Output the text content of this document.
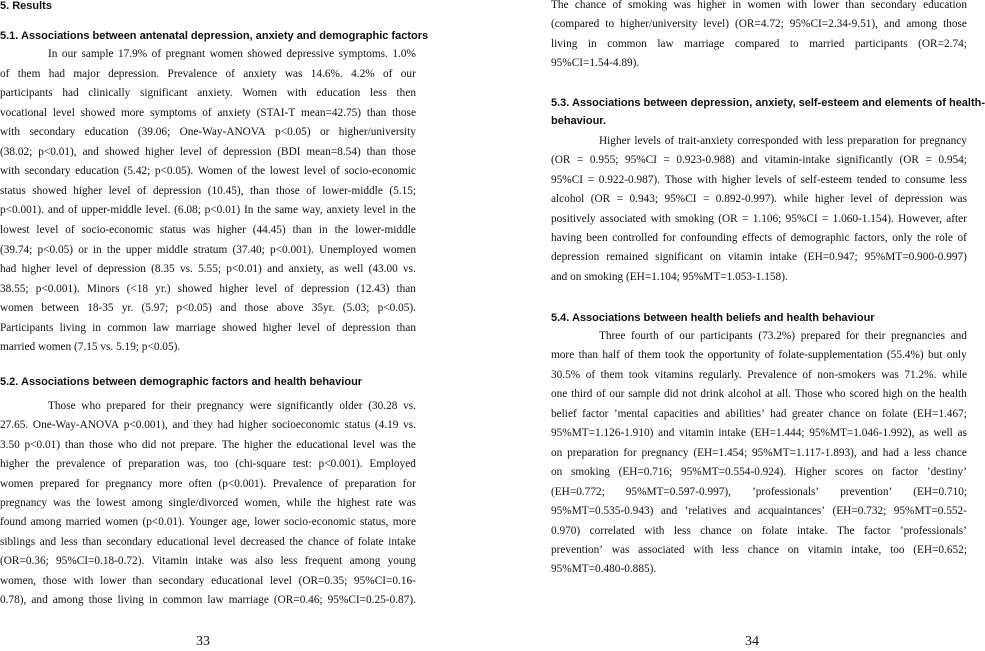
5. Results
5.1. Associations between antenatal depression, anxiety and demographic factors
In our sample 17.9% of pregnant women showed depressive symptoms. 1.0%
of them had major depression. Prevalence of anxiety was 14.6%. 4.2% of our
participants had clinically significant anxiety. Women with education less then
vocational level showed more symptoms of anxiety (STAI-T mean=42.75) than those
with secondary education (39.06; One-Way-ANOVA p<0.05) or higher/university
(38.02; p<0.01), and showed higher level of depression (BDI mean=8.54) than those
with secondary education (5.42; p<0.05). Women of the lowest level of socio-economic
status showed higher level of depression (10.45), than those of lower-middle (5.15;
p<0.001). and of upper-middle level. (6.08; p<0.01) In the same way, anxiety level in the
lowest level of socio-economic status was higher (44.45) than in the lower-middle
(39.74; p<0.05) or in the upper middle stratum (37.40; p<0.001). Unemployed women
had higher level of depression (8.35 vs. 5.55; p<0.01) and anxiety, as well (43.00 vs.
38.55; p<0.001). Minors (<18 yr.) showed higher level of depression (12.43) than
women between 18-35 yr. (5.97; p<0.05) and those above 35yr. (5.03; p<0.05).
Participants living in common law marriage showed higher level of depression than
married women (7.15 vs. 5.19; p<0.05).
5.2. Associations between demographic factors and health behaviour
Those who prepared for their pregnancy were significantly older (30.28 vs.
27.65. One-Way-ANOVA p<0.001), and they had higher socioeconomic status (4.19 vs.
3.50 p<0.01) than those who did not prepare. The higher the educational level was the
higher the prevalence of preparation was, too (chi-square test: p<0.001). Employed
women prepared for pregnancy more often (p<0.001). Prevalence of preparation for
pregnancy was the lowest among single/divorced women, while the highest rate was
found among married women (p<0.01). Younger age, lower socio-economic status, more
siblings and less than secondary educational level decreased the chance of folate intake
(OR=0.36; 95%CI=0.18-0.72). Vitamin intake was also less frequent among young
women, those with lower than secondary educational level (OR=0.35; 95%CI=0.16-
0.78), and among those living in common law marriage (OR=0.46; 95%CI=0.25-0.87).
33
The chance of smoking was higher in women with lower than secondary education
(compared to higher/university level) (OR=4.72; 95%CI=2.34-9.51), and among those
living in common law marriage compared to married participants (OR=2.74;
95%CI=1.54-4.89).
5.3. Associations between depression, anxiety, self-esteem and elements of health-
behaviour.
Higher levels of trait-anxiety corresponded with less preparation for pregnancy
(OR = 0.955; 95%CI = 0.923-0.988) and vitamin-intake significantly (OR = 0.954;
95%CI = 0.922-0.987). Those with higher levels of self-esteem tended to consume less
alcohol (OR = 0.943; 95%CI = 0.892-0.997). while higher level of depression was
positively associated with smoking (OR = 1.106; 95%CI = 1.060-1.154). However, after
having been controlled for confounding effects of demographic factors, only the role of
depression remained significant on vitamin intake (EH=0.947; 95%MT=0.900-0.997)
and on smoking (EH=1.104; 95%MT=1.053-1.158).
5.4. Associations between health beliefs and health behaviour
Three fourth of our participants (73.2%) prepared for their pregnancies and
more than half of them took the opportunity of folate-supplementation (55.4%) but only
30.5% of them took vitamins regularly. Prevalence of non-smokers was 71.2%. while
one third of our sample did not drink alcohol at all. Those who scored high on the health
belief factor ’mental capacities and abilities’ had greater chance on folate (EH=1.467;
95%MT=1.126-1.910) and vitamin intake (EH=1.444; 95%MT=1.046-1.992), as well as
on preparation for pregnancy (EH=1.454; 95%MT=1.117-1.893), and had a less chance
on smoking (EH=0.716; 95%MT=0.554-0.924). Higher scores on factor ’destiny’
(EH=0.772; 95%MT=0.597-0.997), ’professionals’ prevention’ (EH=0.710;
95%MT=0.535-0.943) and ’relatives and acquaintances’ (EH=0.732; 95%MT=0.552-
0.970) correlated with less chance on folate intake. The factor ’professionals’
prevention’ was associated with less chance on vitamin intake, too (EH=0.652;
95%MT=0.480-0.885).
34
